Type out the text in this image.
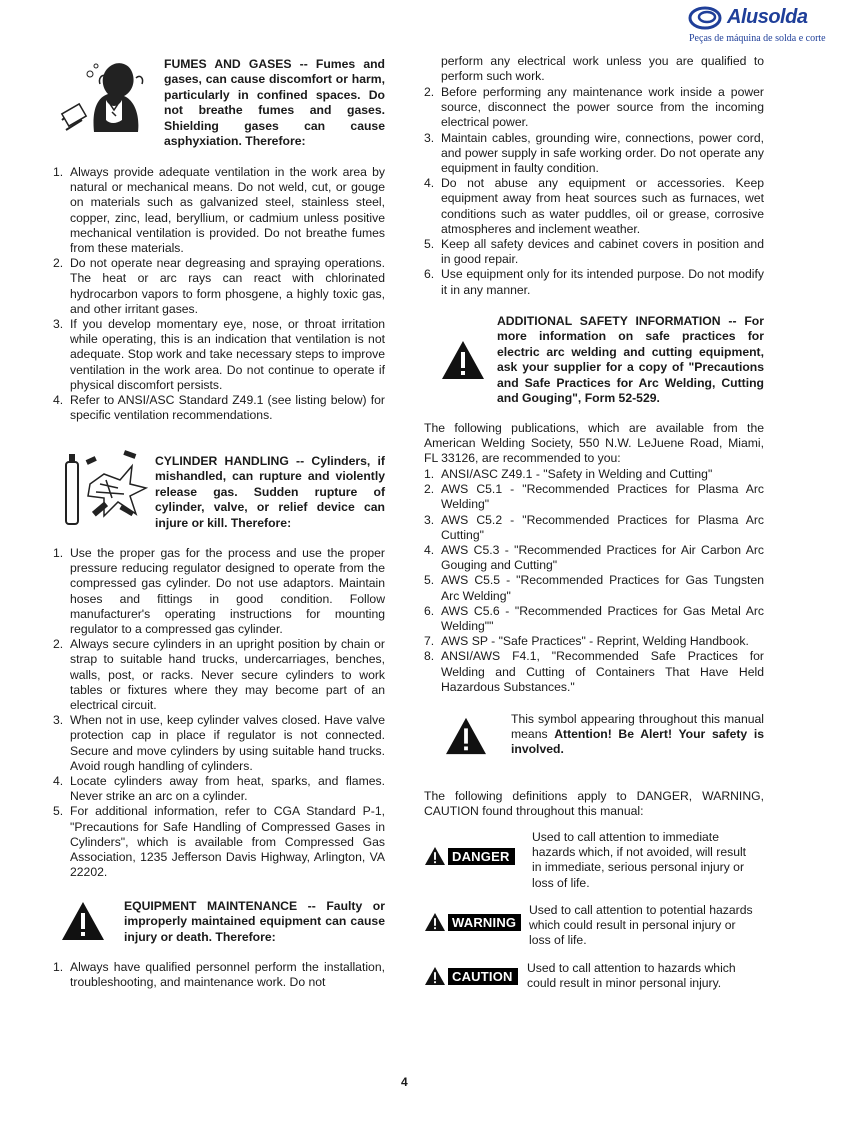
Alusolda
Peças de máquina de solda e corte
FUMES AND GASES -- Fumes and gases, can cause discomfort or harm, particularly in confined spaces. Do not breathe fumes and gases. Shielding gases can cause asphyxiation. Therefore:
1. Always provide adequate ventilation in the work area by natural or mechanical means. Do not weld, cut, or gouge on materials such as galvanized steel, stainless steel, copper, zinc, lead, beryllium, or cadmium unless positive mechanical ventilation is provided. Do not breathe fumes from these materials.
2. Do not operate near degreasing and spraying operations. The heat or arc rays can react with chlorinated hydrocarbon vapors to form phosgene, a highly toxic gas, and other irritant gases.
3. If you develop momentary eye, nose, or throat irritation while operating, this is an indication that ventilation is not adequate. Stop work and take necessary steps to improve ventilation in the work area. Do not continue to operate if physical discomfort persists.
4. Refer to ANSI/ASC Standard Z49.1 (see listing below) for specific ventilation recommendations.
CYLINDER HANDLING -- Cylinders, if mishandled, can rupture and violently release gas. Sudden rupture of cylinder, valve, or relief device can injure or kill. Therefore:
1. Use the proper gas for the process and use the proper pressure reducing regulator designed to operate from the compressed gas cylinder. Do not use adaptors. Maintain hoses and fittings in good condition. Follow manufacturer's operating instructions for mounting regulator to a compressed gas cylinder.
2. Always secure cylinders in an upright position by chain or strap to suitable hand trucks, undercarriages, benches, walls, post, or racks. Never secure cylinders to work tables or fixtures where they may become part of an electrical circuit.
3. When not in use, keep cylinder valves closed. Have valve protection cap in place if regulator is not connected. Secure and move cylinders by using suitable hand trucks. Avoid rough handling of cylinders.
4. Locate cylinders away from heat, sparks, and flames. Never strike an arc on a cylinder.
5. For additional information, refer to CGA Standard P-1, "Precautions for Safe Handling of Compressed Gases in Cylinders", which is available from Compressed Gas Association, 1235 Jefferson Davis Highway, Arlington, VA 22202.
EQUIPMENT MAINTENANCE -- Faulty or improperly maintained equipment can cause injury or death. Therefore:
1. Always have qualified personnel perform the installation, troubleshooting, and maintenance work. Do not

perform any electrical work unless you are qualified to perform such work.

2. Before performing any maintenance work inside a power source, disconnect the power source from the incoming electrical power.
3. Maintain cables, grounding wire, connections, power cord, and power supply in safe working order. Do not operate any equipment in faulty condition.
4. Do not abuse any equipment or accessories. Keep equipment away from heat sources such as furnaces, wet conditions such as water puddles, oil or grease, corrosive atmospheres and inclement weather.
5. Keep all safety devices and cabinet covers in position and in good repair.
6. Use equipment only for its intended purpose. Do not modify it in any manner.
ADDITIONAL SAFETY INFORMATION -- For more information on safe practices for electric arc welding and cutting equipment, ask your supplier for a copy of "Precautions and Safe Practices for Arc Welding, Cutting and Gouging", Form 52-529.

The following publications, which are available from the American Welding Society, 550 N.W. LeJuene Road, Miami, FL 33126, are recommended to you:

1. ANSI/ASC Z49.1 - "Safety in Welding and Cutting"
2. AWS C5.1 - "Recommended Practices for Plasma Arc Welding"
3. AWS C5.2 - "Recommended Practices for Plasma Arc Cutting"
4. AWS C5.3 - "Recommended Practices for Air Carbon Arc Gouging and Cutting"
5. AWS C5.5 - "Recommended Practices for Gas Tungsten Arc Welding"
6. AWS C5.6 - "Recommended Practices for Gas Metal Arc Welding""
7. AWS SP - "Safe Practices" - Reprint, Welding Handbook.
8. ANSI/AWS F4.1, "Recommended Safe Practices for Welding and Cutting of Containers That Have Held Hazardous Substances."

This symbol appearing throughout this manual means Attention! Be Alert! Your safety is involved.

The following definitions apply to DANGER, WARNING, CAUTION found throughout this manual:

DANGER

Used to call attention to immediate hazards which, if not avoided, will result in immediate, serious personal injury or loss of life.

WARNING

Used to call attention to potential hazards which could result in personal injury or loss of life.

CAUTION

Used to call attention to hazards which could result in minor personal injury.

4
